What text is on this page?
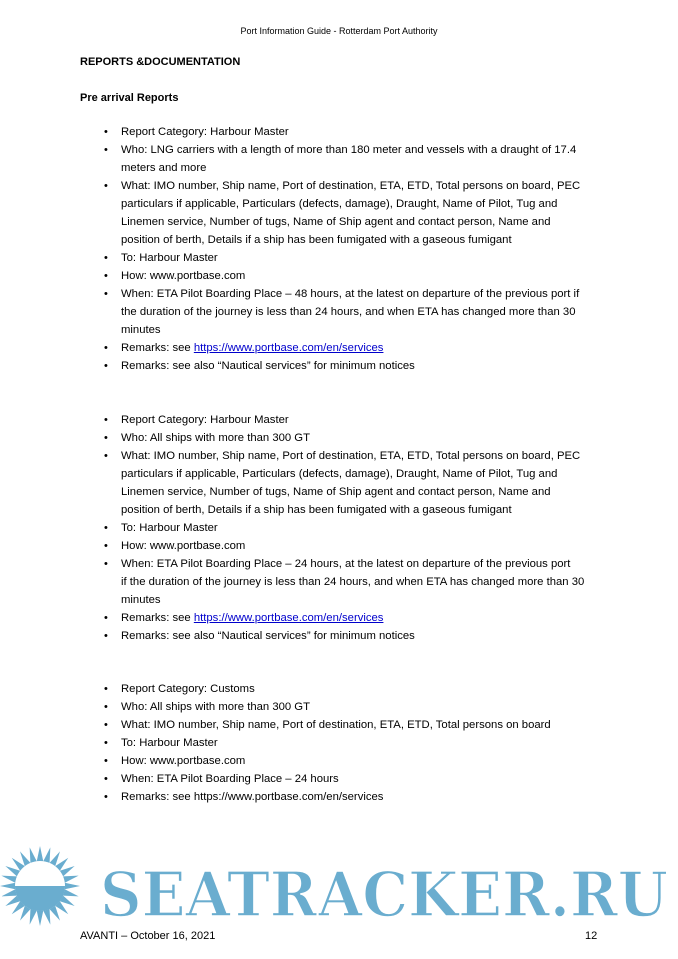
Port Information Guide - Rotterdam Port Authority
REPORTS &DOCUMENTATION
Pre arrival Reports
• Report Category: Harbour Master
• Who: LNG carriers with a length of more than 180 meter and vessels with a draught of 17.4
meters and more
• What: IMO number, Ship name, Port of destination, ETA, ETD, Total persons on board, PEC
particulars if applicable, Particulars (defects, damage), Draught, Name of Pilot, Tug and
Linemen service, Number of tugs, Name of Ship agent and contact person, Name and
position of berth, Details if a ship has been fumigated with a gaseous fumigant
• To: Harbour Master
• How: www.portbase.com
• When: ETA Pilot Boarding Place – 48 hours, at the latest on departure of the previous port if
the duration of the journey is less than 24 hours, and when ETA has changed more than 30
minutes
• Remarks: see https://www.portbase.com/en/services
• Remarks: see also “Nautical services” for minimum notices
• Report Category: Harbour Master
• Who: All ships with more than 300 GT
• What: IMO number, Ship name, Port of destination, ETA, ETD, Total persons on board, PEC
particulars if applicable, Particulars (defects, damage), Draught, Name of Pilot, Tug and
Linemen service, Number of tugs, Name of Ship agent and contact person, Name and
position of berth, Details if a ship has been fumigated with a gaseous fumigant
• To: Harbour Master
• How: www.portbase.com
• When: ETA Pilot Boarding Place – 24 hours, at the latest on departure of the previous port
if the duration of the journey is less than 24 hours, and when ETA has changed more than 30
minutes
• Remarks: see https://www.portbase.com/en/services
• Remarks: see also “Nautical services” for minimum notices
• Report Category: Customs
• Who: All ships with more than 300 GT
• What: IMO number, Ship name, Port of destination, ETA, ETD, Total persons on board
• To: Harbour Master
• How: www.portbase.com
• When: ETA Pilot Boarding Place – 24 hours
• Remarks: see https://www.portbase.com/en/services
SEATRACKER.RU
AVANTI – October 16, 2021	12
